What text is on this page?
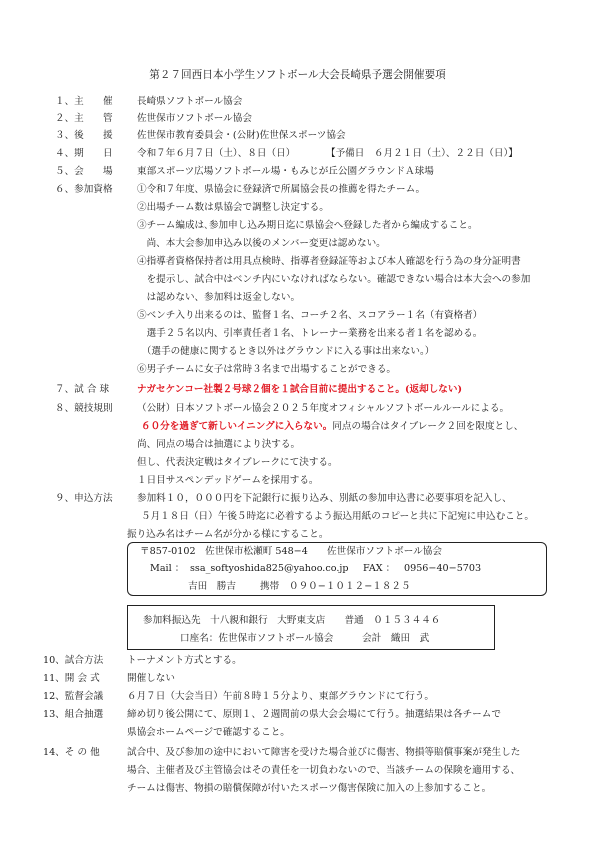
第２７回西日本小学生ソフトボール大会長崎県予選会開催要項
１、主　　催	長崎県ソフトボール協会
２、主　　管	佐世保市ソフトボール協会
３、後　　援	佐世保市教育委員会・(公財)佐世保スポーツ協会
４、期　　日	令和７年６月７日（土）、８日（日）	【予備日　６月２１日（土）、２２日（日）】
５、会　　場	東部スポーツ広場ソフトボール場・もみじが丘公園グラウンドＡ球場
６、参加資格	①令和７年度、県協会に登録済で所属協会長の推薦を得たチーム。
②出場チーム数は県協会で調整し決定する。
③チーム編成は､参加申し込み期日迄に県協会へ登録した者から編成すること。
　尚、本大会参加申込み以後のメンバー変更は認めない。
④指導者資格保持者は用具点検時、指導者登録証等および本人確認を行う為の身分証明書
　を提示し、試合中はベンチ内にいなければならない。確認できない場合は本大会への参加
　は認めない、参加料は返金しない。
⑤ベンチ入り出来るのは、監督１名、コーチ２名、スコアラー１名（有資格者）
　選手２５名以内、引率責任者１名、トレーナー業務を出来る者１名を認める。
　（選手の健康に関するとき以外はグラウンドに入る事は出来ない。）
⑥男子チームに女子は常時３名まで出場することができる。
７、試 合 球	ナガセケンコー社製２号球２個を１試合目前に提出すること。(返却しない)
８、競技規則	（公財）日本ソフトボール協会２０２５年度オフィシャルソフトボールルールによる。
６０分を過ぎて新しいイニングに入らない。同点の場合はタイブレーク２回を限度とし、
尚、同点の場合は抽選により決する。
但し、代表決定戦はタイブレークにて決する。
１日目サスペンデッドゲームを採用する。
９、申込方法	参加料１０，０００円を下記銀行に振り込み、別紙の参加申込書に必要事項を記入し、
５月１８日（日）午後５時迄に必着するよう振込用紙のコピーと共に下記宛に申込むこと。
振り込み名はチーム名が分かる様にすること。
〒857-0102　佐世保市松瀬町 548−4　　佐世保市ソフトボール協会
Mail ： ssa_softyoshida825@yahoo.co.jp FAX ： 0956−40−5703
吉田　勝吉	携帯 ０９０−１０１２−１８２５
参加料振込先　十八親和銀行　大野東支店　　普通　０１５３４４６
口座名：佐世保市ソフトボール協会　　　会計　織田　武
10、試合方法 トーナメント方式とする。
11、開 会 式	開催しない
12、監督会議 ６月７日（大会当日）午前８時１５分より、東部グラウンドにて行う。
13、組合抽選 締め切り後公開にて、原則１、２週間前の県大会会場にて行う。抽選結果は各チームで
県協会ホームページで確認すること。
14、そ の 他	試合中、及び参加の途中において障害を受けた場合並びに傷害、物損等賠償事案が発生した
場合、主催者及び主管協会はその責任を一切負わないので、当該チームの保険を適用する、
チームは傷害、物損の賠償保障が付いたスポーツ傷害保険に加入の上参加すること。
